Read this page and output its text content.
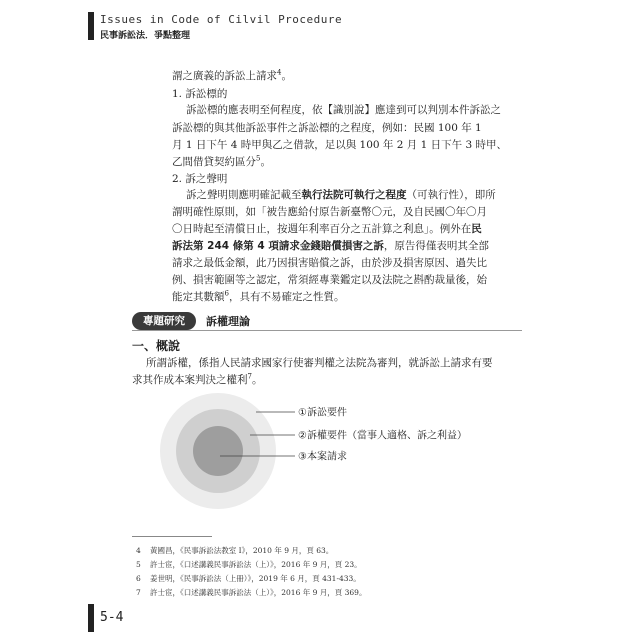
Issues in Code of Cilvil Procedure
民事訴訟法．爭點整理

謂之廣義的訴訟上請求$^4$。

1. 訴訟標的

訴訟標的應表明至何程度，依【識別說】應達到可以判別本件訴訟之

訴訟標的與其他訴訟事件之訴訟標的之程度，例如：民國 100 年 1

月 1 日下午 4 時甲與乙之借款，足以與 100 年 2 月 1 日下午 3 時甲、

乙間借貸契約區分$^5$。

2. 訴之聲明

訴之聲明則應明確記載至執行法院可執行之程度（可執行性），即所

謂明確性原則，如「被告應給付原告新臺幣〇元，及自民國〇年〇月

〇日時起至清償日止，按週年利率百分之五計算之利息」。例外在民

訴法第 244 條第 4 項請求金錢賠償損害之訴，原告得僅表明其全部

請求之最低金額，此乃因損害賠償之訴，由於涉及損害原因、過失比

例、損害範圍等之認定，常須經專業鑑定以及法院之斟酌裁量後，始

能定其數額$^6$，具有不易確定之性質。

專題研究	訴權理論
一、概說

所謂訴權，係指人民請求國家行使審判權之法院為審判，就訴訟上請求有要

求其作成本案判決之權利$^7$。

①訴訟要件
②訴權要件（當事人適格、訴之利益）
③本案請求
4 黃國昌，《民事訴訟法教室 I》，2010 年 9 月，頁 63。
5 許士宦，《口述講義民事訴訟法（上）》，2016 年 9 月，頁 23。
6 姜世明，《民事訴訟法（上冊）》，2019 年 6 月，頁 431-433。
7 許士宦，《口述講義民事訴訟法（上）》，2016 年 9 月，頁 369。
5-4
